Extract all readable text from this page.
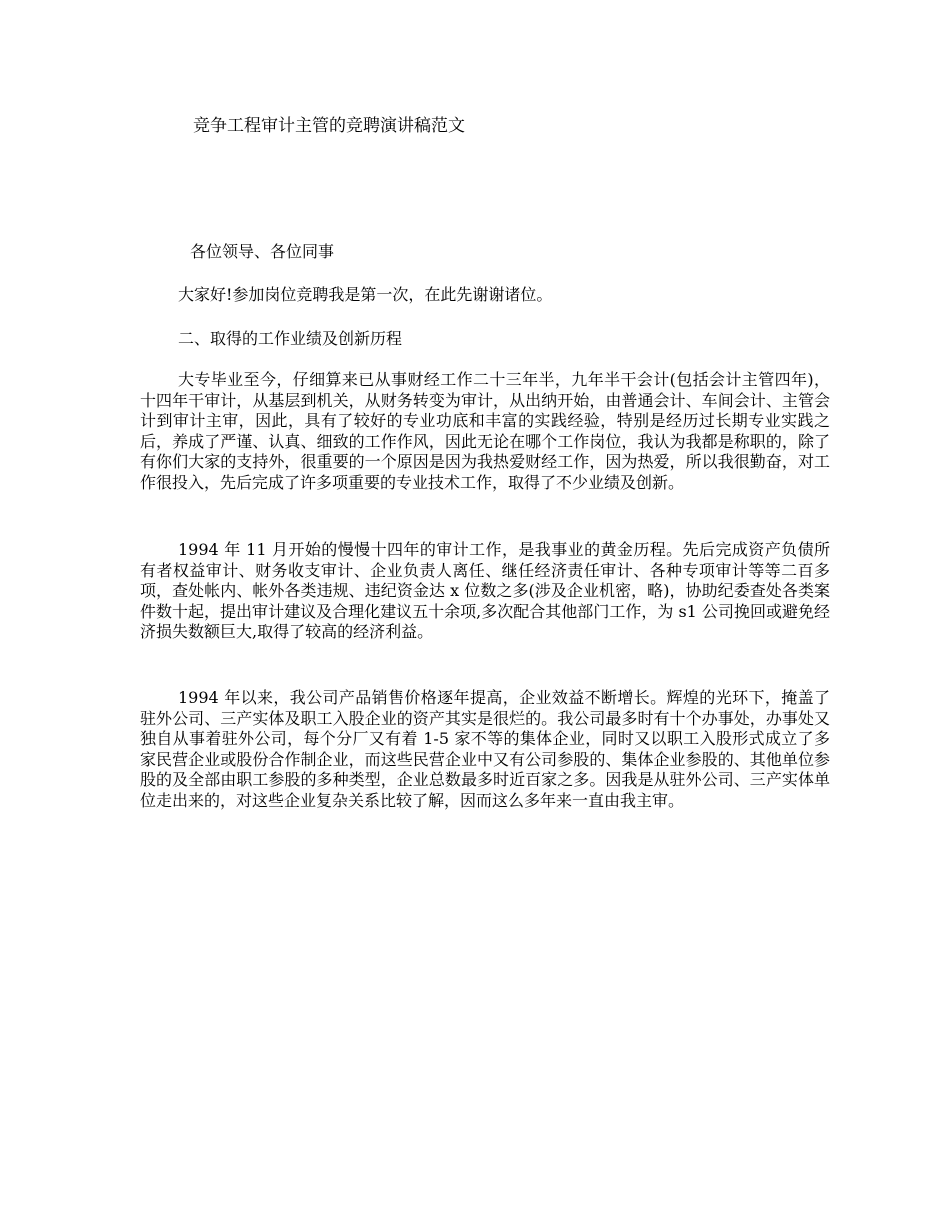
竞争工程审计主管的竞聘演讲稿范文

各位领导、各位同事

大家好!参加岗位竞聘我是第一次，在此先谢谢诸位。

二、取得的工作业绩及创新历程

大专毕业至今，仔细算来已从事财经工作二十三年半，九年半干会计(包括会计主管四年)，十四年干审计，从基层到机关，从财务转变为审计，从出纳开始，由普通会计、车间会计、主管会计到审计主审，因此，具有了较好的专业功底和丰富的实践经验，特别是经历过长期专业实践之后，养成了严谨、认真、细致的工作作风，因此无论在哪个工作岗位，我认为我都是称职的，除了有你们大家的支持外，很重要的一个原因是因为我热爱财经工作，因为热爱，所以我很勤奋，对工作很投入，先后完成了许多项重要的专业技术工作，取得了不少业绩及创新。

1994 年 11 月开始的慢慢十四年的审计工作，是我事业的黄金历程。先后完成资产负债所有者权益审计、财务收支审计、企业负责人离任、继任经济责任审计、各种专项审计等等二百多项，查处帐内、帐外各类违规、违纪资金达 x 位数之多(涉及企业机密，略)，协助纪委查处各类案件数十起，提出审计建议及合理化建议五十余项,多次配合其他部门工作，为 s1 公司挽回或避免经济损失数额巨大,取得了较高的经济利益。

1994 年以来，我公司产品销售价格逐年提高，企业效益不断增长。辉煌的光环下，掩盖了驻外公司、三产实体及职工入股企业的资产其实是很烂的。我公司最多时有十个办事处，办事处又独自从事着驻外公司，每个分厂又有着 1-5 家不等的集体企业，同时又以职工入股形式成立了多家民营企业或股份合作制企业，而这些民营企业中又有公司参股的、集体企业参股的、其他单位参股的及全部由职工参股的多种类型，企业总数最多时近百家之多。因我是从驻外公司、三产实体单位走出来的，对这些企业复杂关系比较了解，因而这么多年来一直由我主审。
